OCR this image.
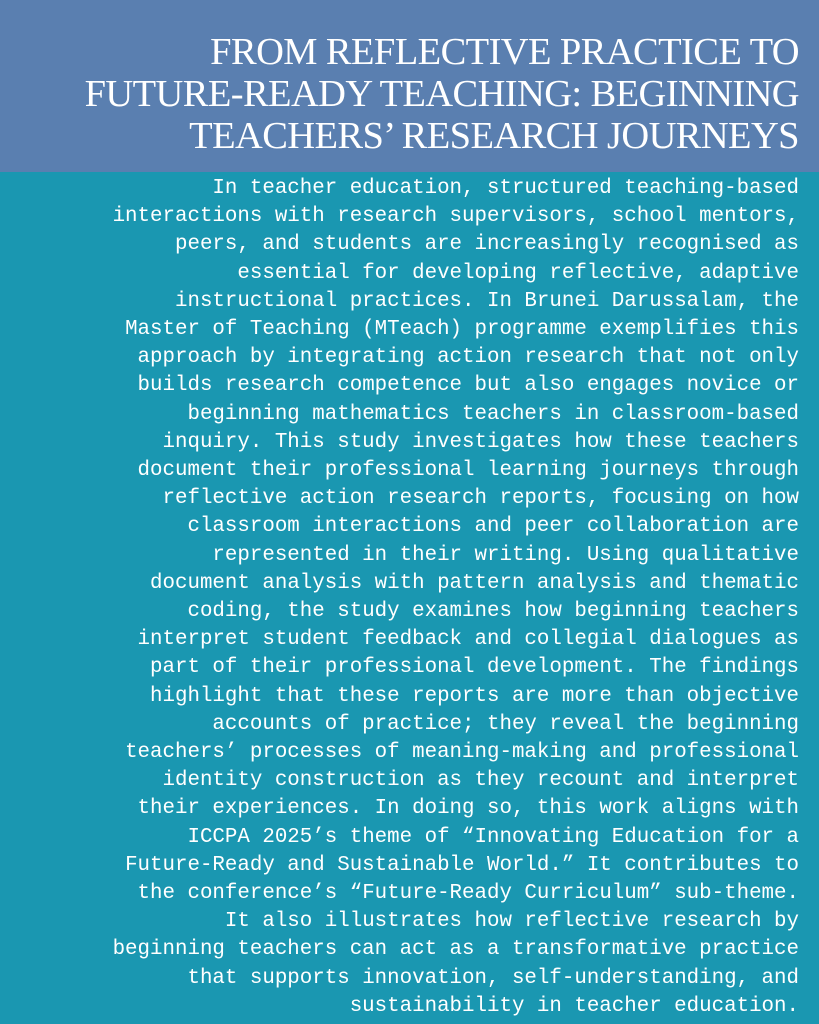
FROM REFLECTIVE PRACTICE TO
FUTURE-READY TEACHING: BEGINNING
TEACHERS’ RESEARCH JOURNEYS

In teacher education, structured teaching-based
interactions with research supervisors, school mentors,
peers, and students are increasingly recognised as
essential for developing reflective, adaptive
instructional practices. In Brunei Darussalam, the
Master of Teaching (MTeach) programme exemplifies this
approach by integrating action research that not only
builds research competence but also engages novice or
beginning mathematics teachers in classroom-based
inquiry. This study investigates how these teachers
document their professional learning journeys through
reflective action research reports, focusing on how
classroom interactions and peer collaboration are
represented in their writing. Using qualitative
document analysis with pattern analysis and thematic
coding, the study examines how beginning teachers
interpret student feedback and collegial dialogues as
part of their professional development. The findings
highlight that these reports are more than objective
accounts of practice; they reveal the beginning
teachers’ processes of meaning-making and professional
identity construction as they recount and interpret
their experiences. In doing so, this work aligns with
ICCPA 2025’s theme of “Innovating Education for a
Future-Ready and Sustainable World.” It contributes to
the conference’s “Future-Ready Curriculum” sub-theme.
It also illustrates how reflective research by
beginning teachers can act as a transformative practice
that supports innovation, self-understanding, and
sustainability in teacher education.
